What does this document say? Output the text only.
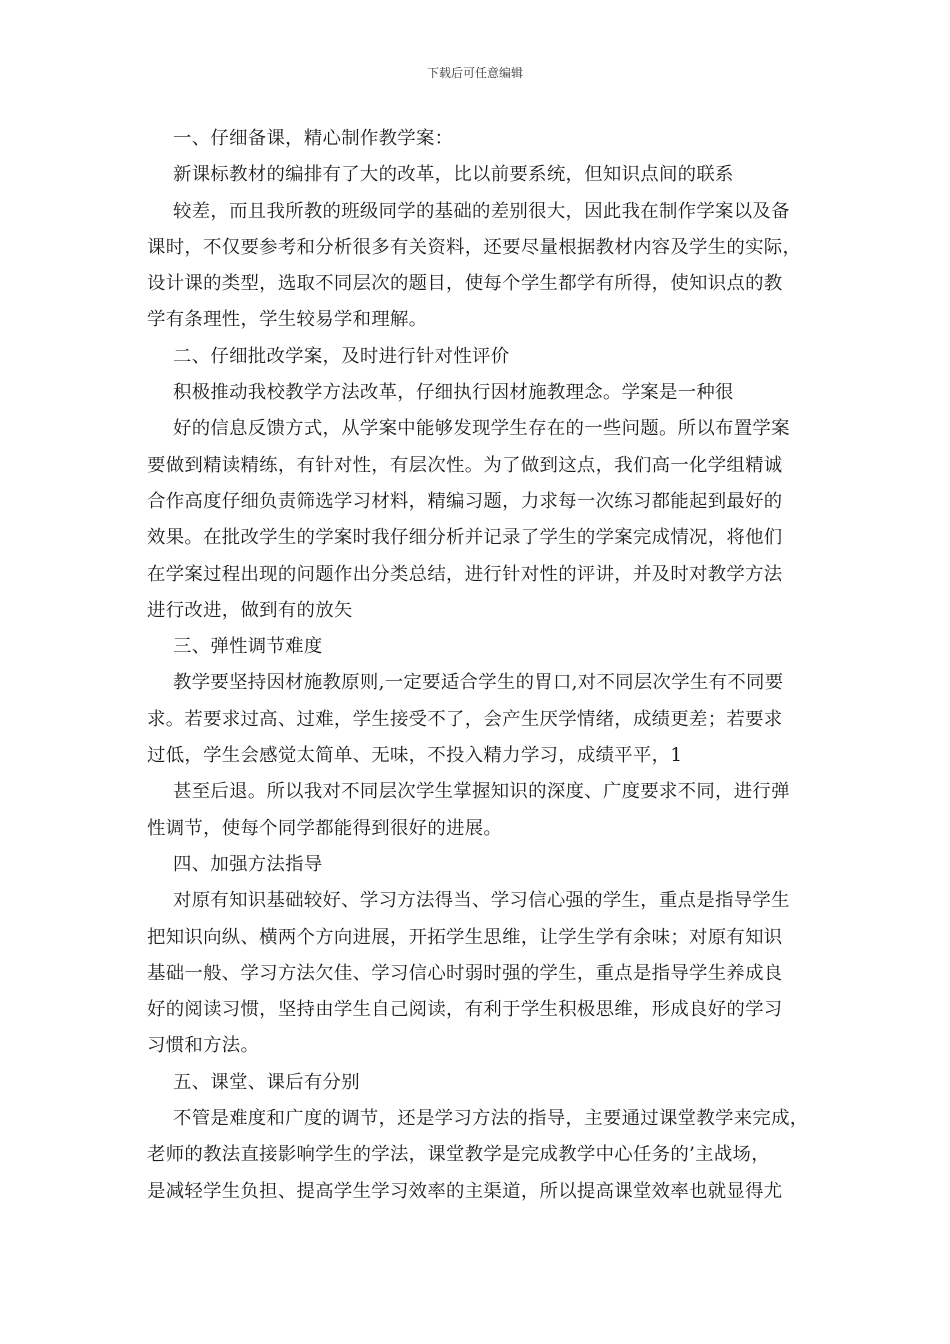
下载后可任意编辑
一、仔细备课，精心制作教学案：
新课标教材的编排有了大的改革，比以前要系统，但知识点间的联系
较差，而且我所教的班级同学的基础的差别很大，因此我在制作学案以及备
课时，不仅要参考和分析很多有关资料，还要尽量根据教材内容及学生的实际，
设计课的类型，选取不同层次的题目，使每个学生都学有所得，使知识点的教
学有条理性，学生较易学和理解。
二、仔细批改学案，及时进行针对性评价
积极推动我校教学方法改革，仔细执行因材施教理念。学案是一种很
好的信息反馈方式，从学案中能够发现学生存在的一些问题。所以布置学案
要做到精读精练，有针对性，有层次性。为了做到这点，我们高一化学组精诚
合作高度仔细负责筛选学习材料，精编习题，力求每一次练习都能起到最好的
效果。在批改学生的学案时我仔细分析并记录了学生的学案完成情况，将他们
在学案过程出现的问题作出分类总结，进行针对性的评讲，并及时对教学方法
进行改进，做到有的放矢
三、弹性调节难度
教学要坚持因材施教原则,一定要适合学生的胃口,对不同层次学生有不同要
求。若要求过高、过难，学生接受不了，会产生厌学情绪，成绩更差；若要求
过低，学生会感觉太简单、无味，不投入精力学习，成绩平平，1
甚至后退。所以我对不同层次学生掌握知识的深度、广度要求不同，进行弹
性调节，使每个同学都能得到很好的进展。
四、加强方法指导
对原有知识基础较好、学习方法得当、学习信心强的学生，重点是指导学生
把知识向纵、横两个方向进展，开拓学生思维，让学生学有余味；对原有知识
基础一般、学习方法欠佳、学习信心时弱时强的学生，重点是指导学生养成良
好的阅读习惯，坚持由学生自己阅读，有利于学生积极思维，形成良好的学习
习惯和方法。
五、课堂、课后有分别
不管是难度和广度的调节，还是学习方法的指导，主要通过课堂教学来完成，
老师的教法直接影响学生的学法，课堂教学是完成教学中心任务的’主战场，
是减轻学生负担、提高学生学习效率的主渠道，所以提高课堂效率也就显得尤
